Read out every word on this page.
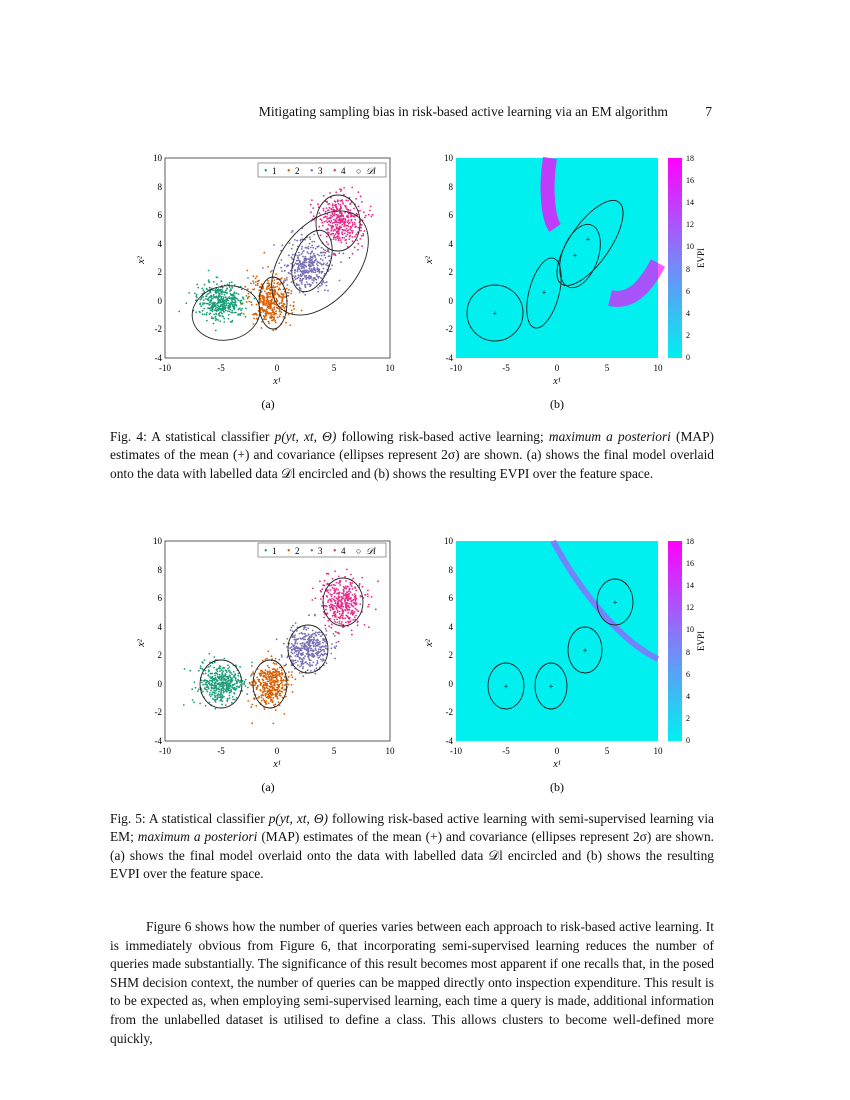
Mitigating sampling bias in risk-based active learning via an EM algorithm	7
• 1 • 2 • 3 • 4 ○ 𝒟l
-10	-5	0	5	10
10
8
6
4
2
0
-2
-4
x¹
x²
(a)
+
+
+
+
-10	-5	0	5	10
10
8
6
4
2
0
-2
-4
x¹
x²
18
16
14
12
10
8
6
4
2
0
EVPI
(b)
Fig. 4: A statistical classifier p(yt, xt, Θ) following risk-based active learning; maximum a posteriori (MAP) estimates of the mean (+) and covariance (ellipses represent 2σ) are shown. (a) shows the final model overlaid onto the data with labelled data 𝒟l encircled and (b) shows the resulting EVPI over the feature space.
• 1 • 2 • 3 • 4 ○ 𝒟l
-10	-5	0	5	10
10
8
6
4
2
0
-2
-4
x¹
x²
(a)
+	+
+
+
-10	-5	0	5	10
10
8
6
4
2
0
-2
-4
x¹
x²
18
16
14
12
10
8
6
4
2
0
EVPI
(b)
Fig. 5: A statistical classifier p(yt, xt, Θ) following risk-based active learning with semi-supervised learning via EM; maximum a posteriori (MAP) estimates of the mean (+) and covariance (ellipses represent 2σ) are shown. (a) shows the final model overlaid onto the data with labelled data 𝒟l encircled and (b) shows the resulting EVPI over the feature space.
Figure 6 shows how the number of queries varies between each approach to risk-based active learning. It is immediately obvious from Figure 6, that incorporating semi-supervised learning reduces the number of queries made substantially. The significance of this result becomes most apparent if one recalls that, in the posed SHM decision context, the number of queries can be mapped directly onto inspection expenditure. This result is to be expected as, when employing semi-supervised learning, each time a query is made, additional information from the unlabelled dataset is utilised to define a class. This allows clusters to become well-defined more quickly,
